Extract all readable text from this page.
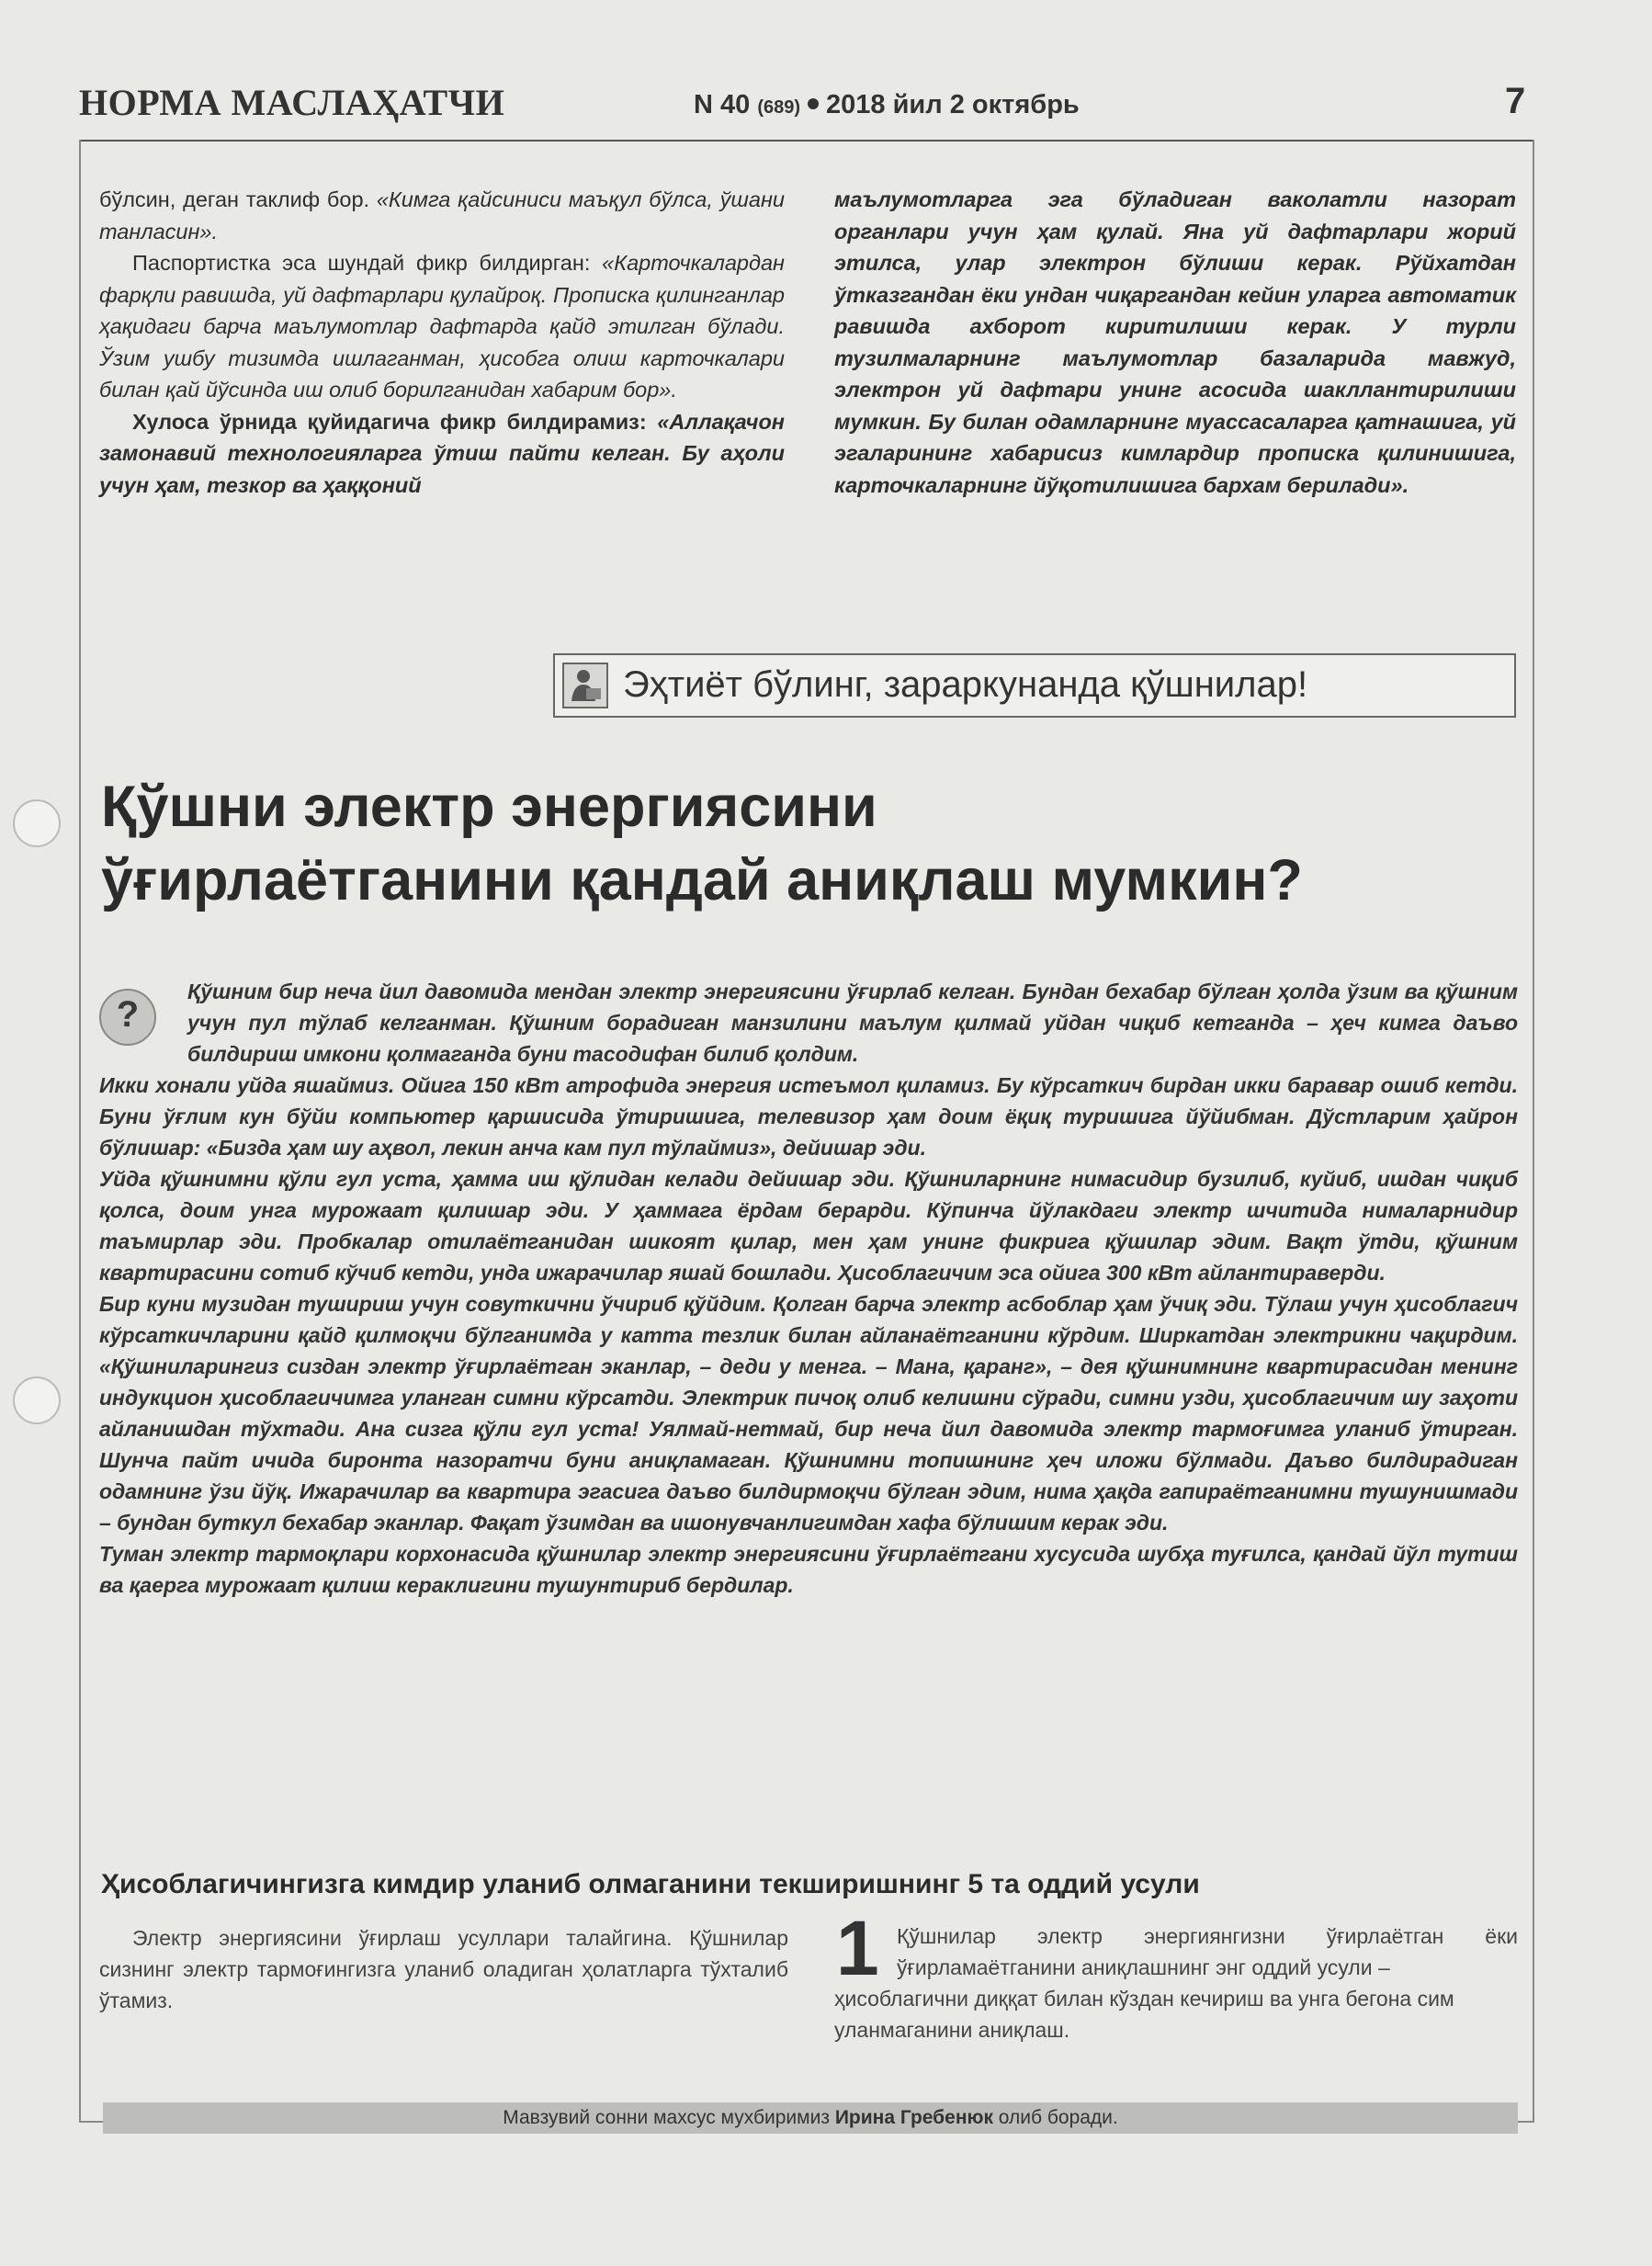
НОРМА МАСЛАҲАТЧИ	N 40 (689) 2018 йил 2 октябрь	7

бўлсин, деган таклиф бор. «Кимга қайсиниси маъқул бўлса, ўшани танласин».

Паспортистка эса шундай фикр билдирган: «Карточкалардан фарқли равишда, уй дафтарлари қулайроқ. Прописка қилинганлар ҳақидаги барча маълумотлар дафтарда қайд этилган бўлади. Ўзим ушбу тизимда ишлаганман, ҳисобга олиш карточкалари билан қай йўсинда иш олиб борилганидан хабарим бор».

Хулоса ўрнида қуйидагича фикр билдирамиз: «Аллақачон замонавий технологияларга ўтиш пайти келган. Бу аҳоли учун ҳам, тезкор ва ҳаққоний

маълумотларга эга бўладиган ваколатли назорат органлари учун ҳам қулай. Яна уй дафтарлари жорий этилса, улар электрон бўлиши керак. Рўйхатдан ўтказгандан ёки ундан чиқаргандан кейин уларга автоматик равишда ахборот киритилиши керак. У турли тузилмаларнинг маълумотлар базаларида мавжуд, электрон уй дафтари унинг асосида шакллантирилиши мумкин. Бу билан одамларнинг муассасаларга қатнашига, уй эгаларининг хабарисиз кимлардир прописка қилинишига, карточкаларнинг йўқотилишига бархам берилади».

Эҳтиёт бўлинг, зараркунанда қўшнилар!
Қўшни электр энергиясини
ўғирлаётганини қандай аниқлаш мумкин?
?

Қўшним бир неча йил давомида мендан электр энергиясини ўғирлаб келган. Бундан бехабар бўлган ҳолда ўзим ва қўшним учун пул тўлаб келганман. Қўшним борадиган манзилини маълум қилмай уйдан чиқиб кетганда – ҳеч кимга даъво билдириш имкони қолмаганда буни тасодифан билиб қолдим.

Икки хонали уйда яшаймиз. Ойига 150 кВт атрофида энергия истеъмол қиламиз. Бу кўрсаткич бирдан икки баравар ошиб кетди. Буни ўғлим кун бўйи компьютер қаршисида ўтиришига, телевизор ҳам доим ёқиқ туришига йўйибман. Дўстларим ҳайрон бўлишар: «Бизда ҳам шу аҳвол, лекин анча кам пул тўлаймиз», дейишар эди.

Уйда қўшнимни қўли гул уста, ҳамма иш қўлидан келади дейишар эди. Қўшниларнинг нимасидир бузилиб, куйиб, ишдан чиқиб қолса, доим унга мурожаат қилишар эди. У ҳаммага ёрдам берарди. Кўпинча йўлакдаги электр шчитида нималарнидир таъмирлар эди. Пробкалар отилаётганидан шикоят қилар, мен ҳам унинг фикрига қўшилар эдим. Вақт ўтди, қўшним квартирасини сотиб кўчиб кетди, унда ижарачилар яшай бошлади. Ҳисоблагичим эса ойига 300 кВт айлантираверди.

Бир куни музидан тушириш учун совуткични ўчириб қўйдим. Қолган барча электр асбоблар ҳам ўчиқ эди. Тўлаш учун ҳисоблагич кўрсаткичларини қайд қилмоқчи бўлганимда у катта тезлик билан айланаётганини кўрдим. Ширкатдан электрикни чақирдим. «Қўшниларингиз сиздан электр ўғирлаётган эканлар, – деди у менга. – Мана, қаранг», – дея қўшнимнинг квартирасидан менинг индукцион ҳисоблагичимга уланган симни кўрсатди. Электрик пичоқ олиб келишни сўради, симни узди, ҳисоблагичим шу заҳоти айланишдан тўхтади. Ана сизга қўли гул уста! Уялмай-нетмай, бир неча йил давомида электр тармоғимга уланиб ўтирган. Шунча пайт ичида биронта назоратчи буни аниқламаган. Қўшнимни топишнинг ҳеч иложи бўлмади. Даъво билдирадиган одамнинг ўзи йўқ. Ижарачилар ва квартира эгасига даъво билдирмоқчи бўлган эдим, нима ҳақда гапираётганимни тушунишмади – бундан буткул бехабар эканлар. Фақат ўзимдан ва ишонувчанлигимдан хафа бўлишим керак эди.

Туман электр тармоқлари корхонасида қўшнилар электр энергиясини ўғирлаётгани хусусида шубҳа туғилса, қандай йўл тутиш ва қаерга мурожаат қилиш кераклигини тушунтириб бердилар.

Ҳисоблагичингизга кимдир уланиб олмаганини текширишнинг 5 та оддий усули

Электр энергиясини ўғирлаш усуллари талайгина. Қўшнилар сизнинг электр тармоғингизга уланиб оладиган ҳолатларга тўхталиб ўтамиз.

1 Қўшнилар электр энергиянгизни ўғирлаётган ёки ўғирламаётганини аниқлашнинг энг оддий усули –

ҳисоблагични диққат билан кўздан кечириш ва унга бегона сим уланмаганини аниқлаш.

Мавзувий сонни махсус мухбиримиз Ирина Гребенюк олиб боради.
